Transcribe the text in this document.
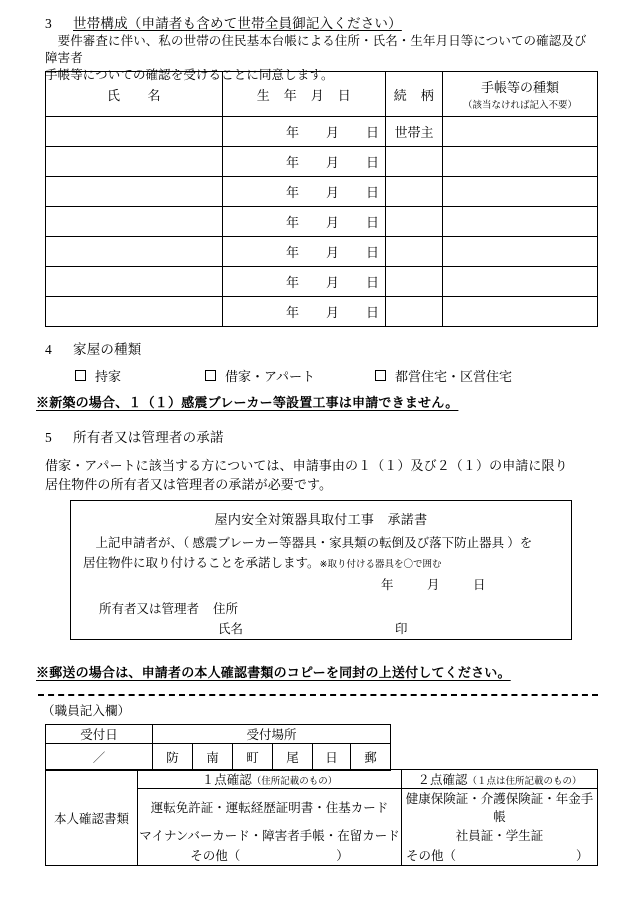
3 世帯構成（申請者も含めて世帯全員御記入ください）
　要件審査に伴い、私の世帯の住民基本台帳による住所・氏名・生年月日等についての確認及び障害者
手帳等についての確認を受けることに同意します。
氏　　名	生　年　月　日	続　柄	手帳等の種類
（該当なければ記入不要）

	年 月 日	世帯主	
	年 月 日		
	年 月 日		
	年 月 日		
	年 月 日		
	年 月 日		
	年 月 日		
4 家屋の種類
持家	借家・アパート	都営住宅・区営住宅
※新築の場合、１（１）感震ブレーカー等設置工事は申請できません。
5 所有者又は管理者の承諾
借家・アパートに該当する方については、申請事由の１（１）及び２（１）の申請に限り
居住物件の所有者又は管理者の承諾が必要です。
屋内安全対策器具取付工事　承諾書
　上記申請者が、（ 感震ブレーカー等器具・家具類の転倒及び落下防止器具 ）を
居住物件に取り付けることを承諾します。※取り付ける器具を〇で囲む
年	月	日
所有者又は管理者 住所
氏名	印
※郵送の場合は、申請者の本人確認書類のコピーを同封の上送付してください。
（職員記入欄）
受付日	受付場所					
／	防	南	町	尾	日	郵
本人確認書類	１点確認（住所記載のもの）	２点確認（１点は住所記載のもの）
	運転免許証・運転経歴証明書・住基カード	健康保険証・介護保険証・年金手帳
	マイナンバーカード・障害者手帳・在留カード	社員証・学生証

	その他（ ）	その他（ ）
